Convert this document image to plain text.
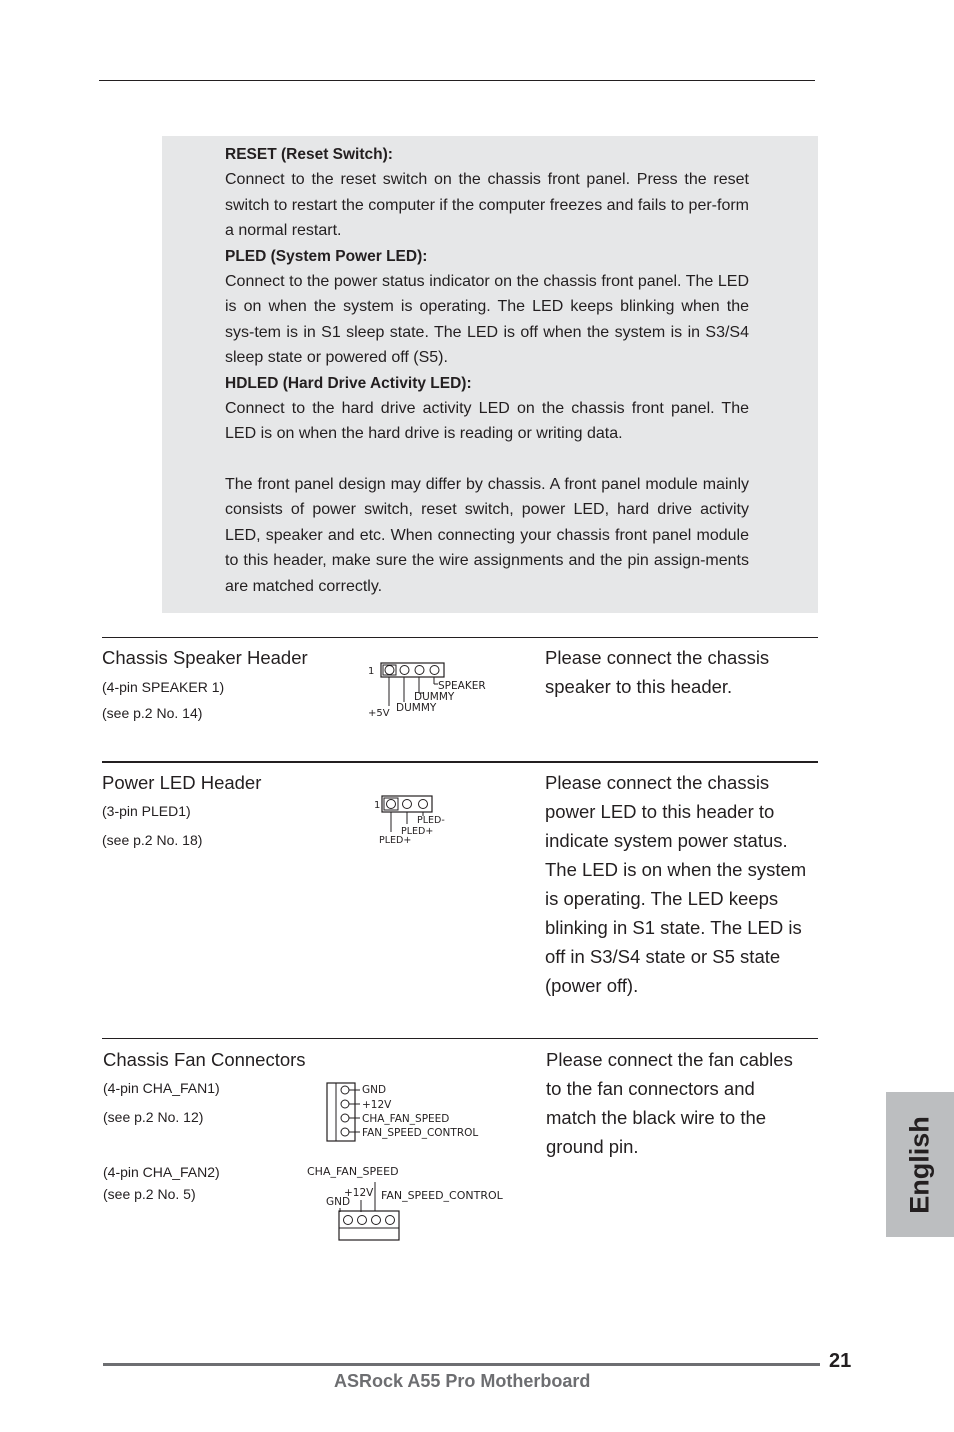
RESET (Reset Switch):

Connect to the reset switch on the chassis front panel. Press the reset switch to restart the computer if the computer freezes and fails to per-form a normal restart.

PLED (System Power LED):

Connect to the power status indicator on the chassis front panel. The LED is on when the system is operating. The LED keeps blinking when the sys-tem is in S1 sleep state. The LED is off when the system is in S3/S4 sleep state or powered off (S5).

HDLED (Hard Drive Activity LED):

Connect to the hard drive activity LED on the chassis front panel. The LED is on when the hard drive is reading or writing data.

The front panel design may differ by chassis. A front panel module mainly consists of power switch, reset switch, power LED, hard drive activity LED, speaker and etc. When connecting your chassis front panel module to this header, make sure the wire assignments and the pin assign-ments are matched correctly.

Chassis Speaker Header
(4-pin SPEAKER 1)
(see p.2 No. 14)
1
SPEAKER
DUMMY
+5V DUMMY
Please connect the chassis
speaker to this header.
Power LED Header
(3-pin PLED1)
(see p.2 No. 18)
1
PLED-
PLED+
PLED+
Please connect the chassis
power LED to this header to
indicate system power status.
The LED is on when the system
is operating. The LED keeps
blinking in S1 state. The LED is
off in S3/S4 state or S5 state
(power off).
Chassis Fan Connectors
(4-pin CHA_FAN1)
(see p.2 No. 12)
(4-pin CHA_FAN2)
(see p.2 No. 5)
GND
+12V
CHA_FAN_SPEED
FAN_SPEED_CONTROL
CHA_FAN_SPEED
+12V
GND	FAN_SPEED_CONTROL
Please connect the fan cables
to the fan connectors and
match the black wire to the
ground pin.	English
21
ASRock A55 Pro Motherboard
